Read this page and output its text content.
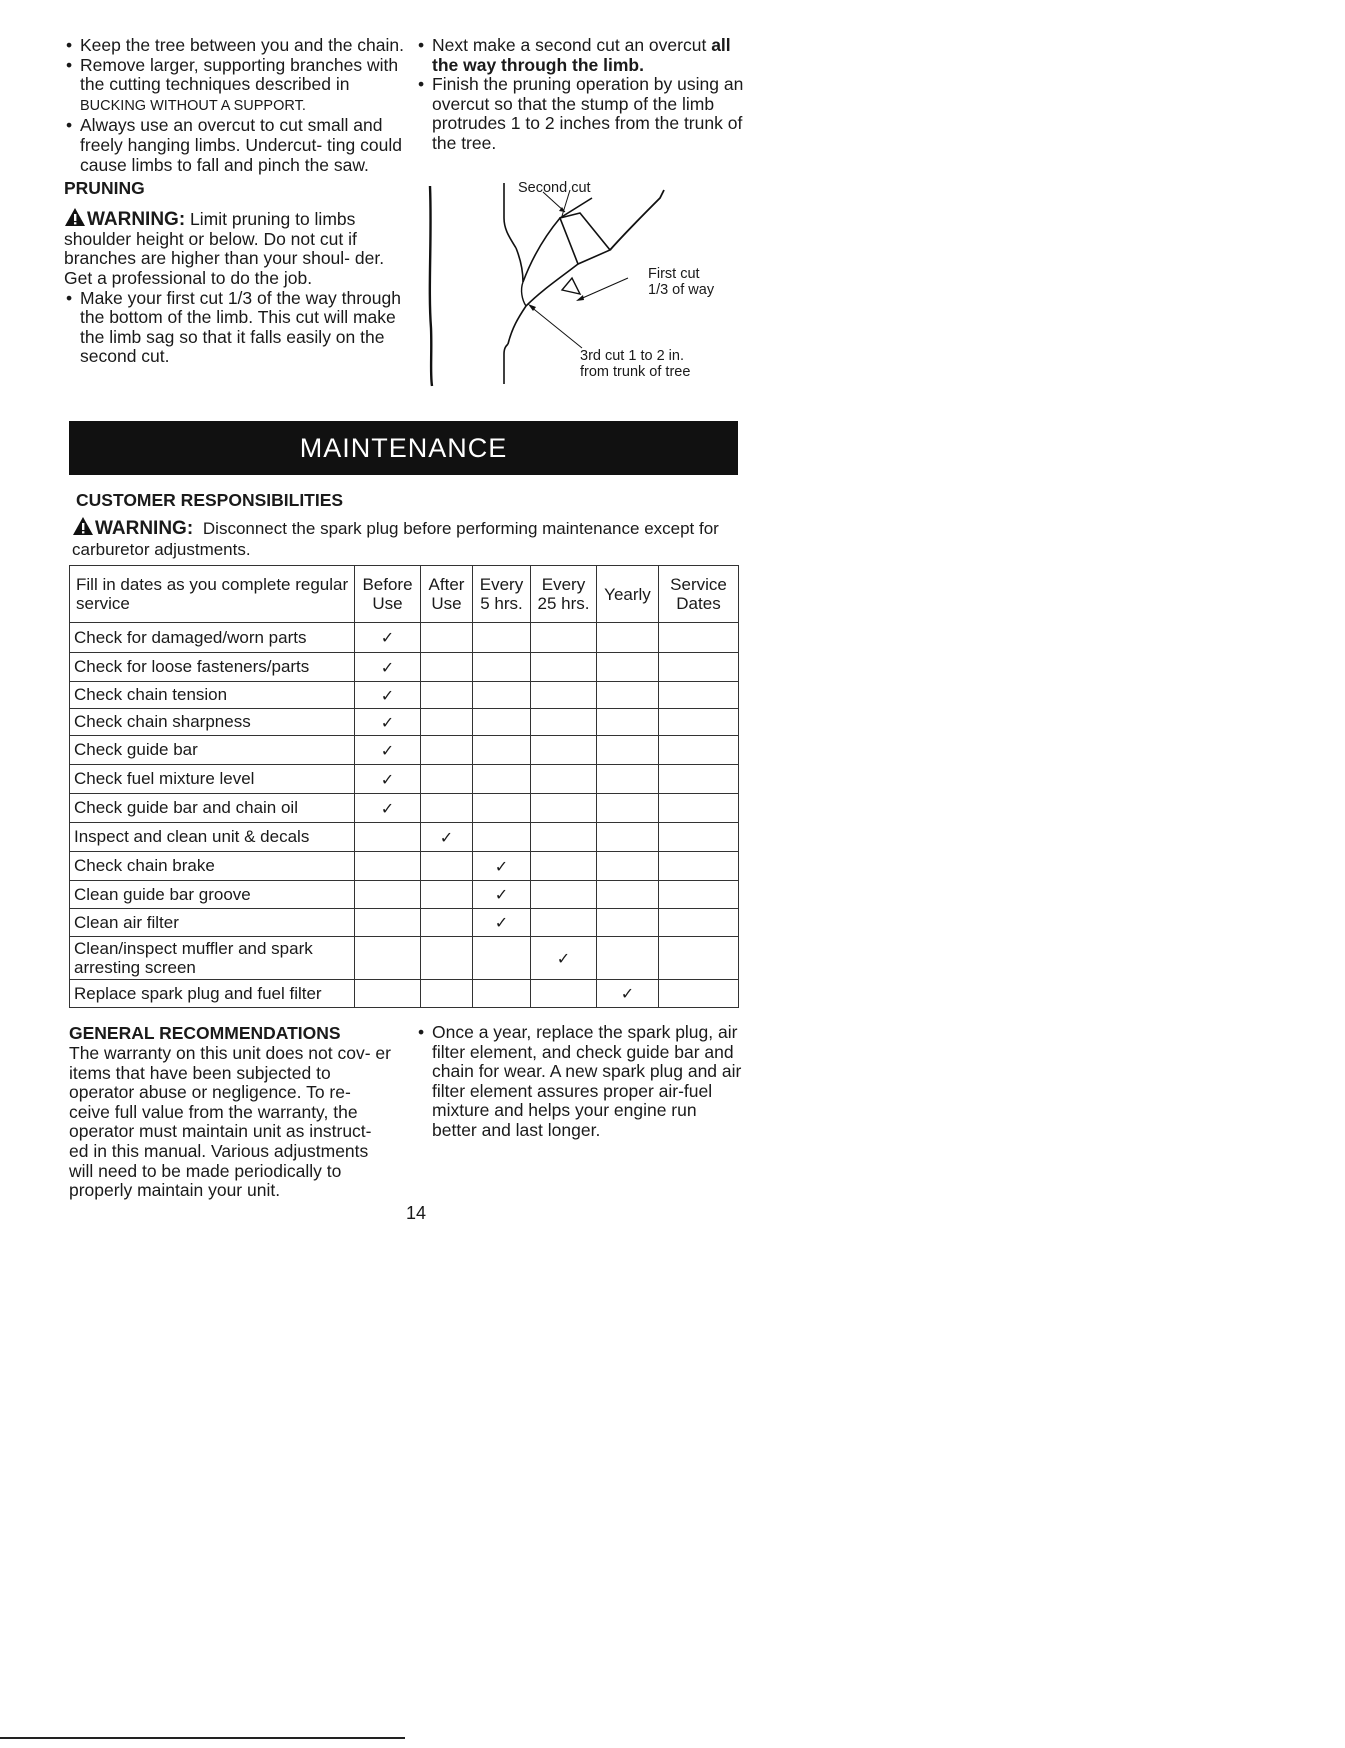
• Keep the tree between you and the chain.
• Remove larger, supporting branches with the cutting techniques described in BUCKING WITHOUT A SUPPORT.
• Always use an overcut to cut small and freely hanging limbs. Undercut- ting could cause limbs to fall and pinch the saw.
PRUNING
WARNING: Limit pruning to limbs shoulder height or below. Do not cut if branches are higher than your shoul- der. Get a professional to do the job.
• Make your first cut 1/3 of the way through the bottom of the limb. This cut will make the limb sag so that it falls easily on the second cut.
• Next make a second cut an overcut all the way through the limb.
• Finish the pruning operation by using an overcut so that the stump of the limb protrudes 1 to 2 inches from the trunk of the tree.
Second cut
First cut
1/3 of way
3rd cut 1 to 2 in.
from trunk of tree
MAINTENANCE
CUSTOMER RESPONSIBILITIES
WARNING: Disconnect the spark plug before performing maintenance except for carburetor adjustments.
Fill in dates as you complete regular service	Before Use	After Use	Every 5 hrs.	Every 25 hrs.	Yearly	Service Dates
Check for damaged/worn parts	✓					
Check for loose fasteners/parts	✓					
Check chain tension	✓					
Check chain sharpness	✓					
Check guide bar	✓					
Check fuel mixture level	✓					
Check guide bar and chain oil	✓					
Inspect and clean unit & decals		✓				
Check chain brake			✓			
Clean guide bar groove			✓			
Clean air filter			✓			
Clean/inspect muffler and spark arresting screen				✓		
Replace spark plug and fuel filter					✓	
GENERAL RECOMMENDATIONS
The warranty on this unit does not cov- er items that have been subjected to operator abuse or negligence. To re- ceive full value from the warranty, the operator must maintain unit as instruct- ed in this manual. Various adjustments will need to be made periodically to properly maintain your unit.
• Once a year, replace the spark plug, air filter element, and check guide bar and chain for wear. A new spark plug and air filter element assures proper air-fuel mixture and helps your engine run better and last longer.
14
